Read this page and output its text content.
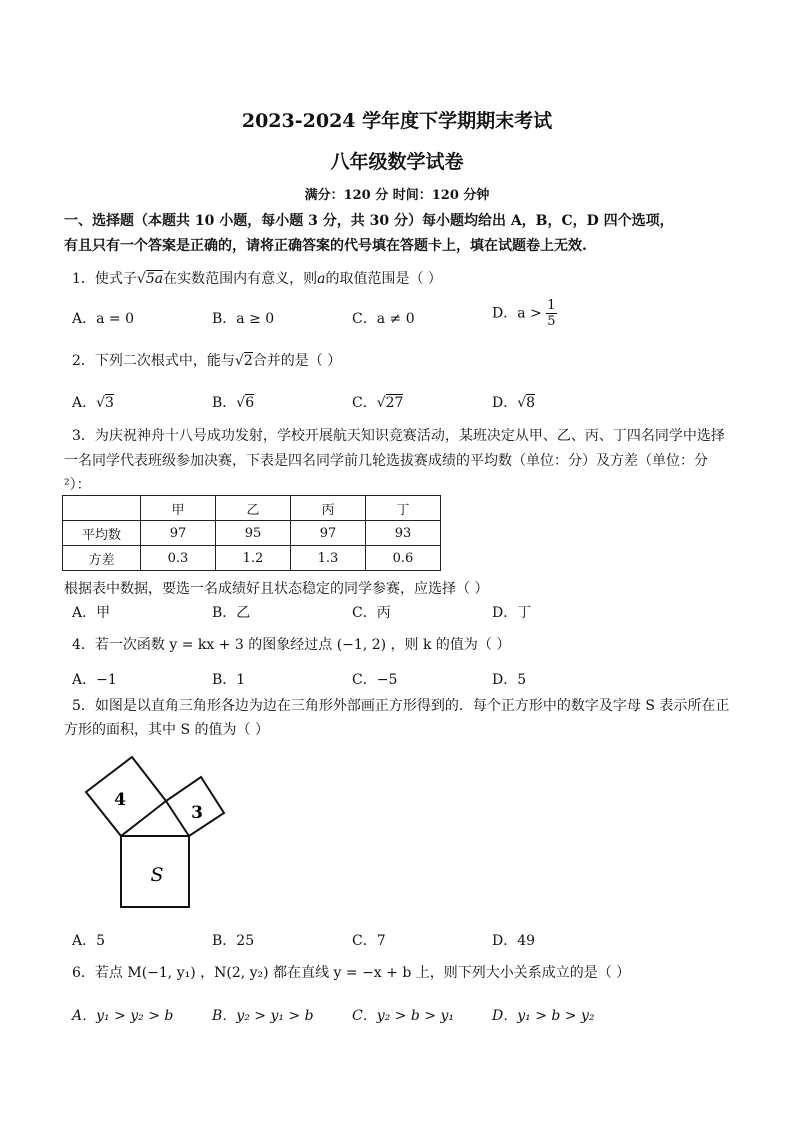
2023-2024 学年度下学期期末考试
八年级数学试卷
满分：120 分 时间：120 分钟
一、选择题（本题共 10 小题，每小题 3 分，共 30 分）每小题均给出 A，B，C，D 四个选项，
有且只有一个答案是正确的，请将正确答案的代号填在答题卡上，填在试题卷上无效.
1．使式子√5a在实数范围内有意义，则a的取值范围是（ ）
A．a = 0	B．a ≥ 0	C．a ≠ 0	D．$a > \frac{1}{5}$
2．下列二次根式中，能与√2合并的是（ ）
A．√3	B．√6	C．√27	D．√8
3．为庆祝神舟十八号成功发射，学校开展航天知识竞赛活动，某班决定从甲、乙、丙、丁四名同学中选择
一名同学代表班级参加决赛，下表是四名同学前几轮选拔赛成绩的平均数（单位：分）及方差（单位：分
²）：
	甲	乙	丙	丁
平均数	97	95	97	93
方差	0.3	1.2	1.3	0.6
根据表中数据，要选一名成绩好且状态稳定的同学参赛，应选择（ ）
A．甲	B．乙	C．丙	D．丁
4．若一次函数 y = kx + 3 的图象经过点 (−1, 2) ，则 k 的值为（ ）
A．−1	B．1	C．−5	D．5
5．如图是以直角三角形各边为边在三角形外部画正方形得到的．每个正方形中的数字及字母 S 表示所在正
方形的面积，其中 S 的值为（ ）
4
3
S
A．5	B．25	C．7	D．49
6．若点 M(−1, y₁) ，N(2, y₂) 都在直线 y = −x + b 上，则下列大小关系成立的是（ ）
A．y₁ > y₂ > b	B．y₂ > y₁ > b	C．y₂ > b > y₁	D．y₁ > b > y₂
